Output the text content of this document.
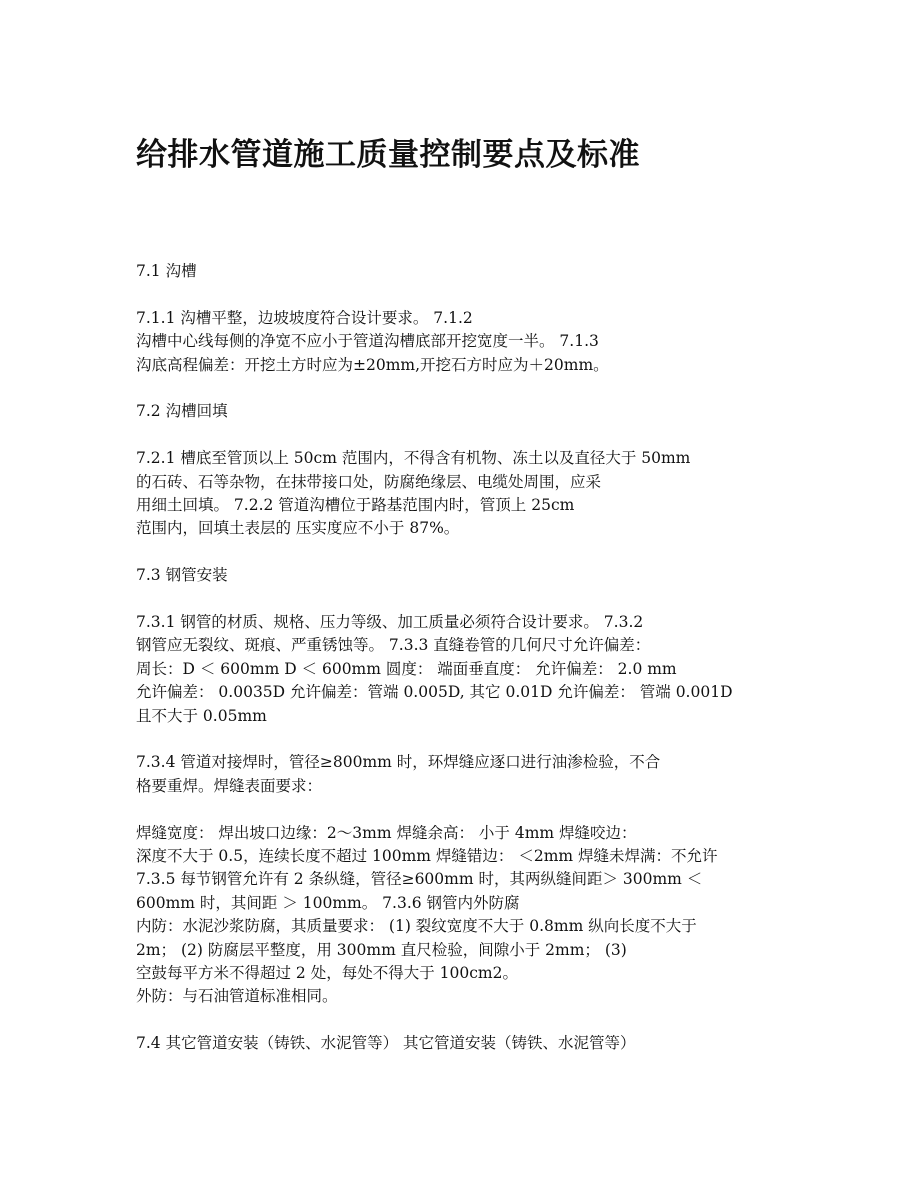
给排水管道施工质量控制要点及标准
7.1 沟槽
7.1.1 沟槽平整，边坡坡度符合设计要求。 7.1.2
沟槽中心线每侧的净宽不应小于管道沟槽底部开挖宽度一半。 7.1.3
沟底高程偏差：开挖土方时应为±20mm,开挖石方时应为＋20mm。
7.2 沟槽回填
7.2.1 槽底至管顶以上 50cm 范围内，不得含有机物、冻土以及直径大于 50mm
的石砖、石等杂物，在抹带接口处，防腐绝缘层、电缆处周围，应采
用细土回填。 7.2.2 管道沟槽位于路基范围内时，管顶上 25cm
范围内，回填土表层的 压实度应不小于 87%。
7.3 钢管安装
7.3.1 钢管的材质、规格、压力等级、加工质量必须符合设计要求。 7.3.2
钢管应无裂纹、斑痕、严重锈蚀等。 7.3.3 直缝卷管的几何尺寸允许偏差：
周长：D ＜ 600mm D ＜ 600mm 圆度： 端面垂直度： 允许偏差： 2.0 mm
允许偏差： 0.0035D 允许偏差：管端 0.005D, 其它 0.01D 允许偏差： 管端 0.001D
且不大于 0.05mm
7.3.4 管道对接焊时，管径≥800mm 时，环焊缝应逐口进行油渗检验，不合
格要重焊。焊缝表面要求：
焊缝宽度： 焊出坡口边缘：2～3mm 焊缝余高： 小于 4mm 焊缝咬边：
深度不大于 0.5，连续长度不超过 100mm 焊缝错边： ＜2mm 焊缝未焊满：不允许
7.3.5 每节钢管允许有 2 条纵缝，管径≥600mm 时，其两纵缝间距＞ 300mm ＜
600mm 时，其间距 ＞ 100mm。 7.3.6 钢管内外防腐
内防：水泥沙浆防腐，其质量要求： (1) 裂纹宽度不大于 0.8mm 纵向长度不大于
2m； (2) 防腐层平整度，用 300mm 直尺检验，间隙小于 2mm； (3)
空鼓每平方米不得超过 2 处，每处不得大于 100cm2。
外防：与石油管道标准相同。
7.4 其它管道安装（铸铁、水泥管等） 其它管道安装（铸铁、水泥管等）
